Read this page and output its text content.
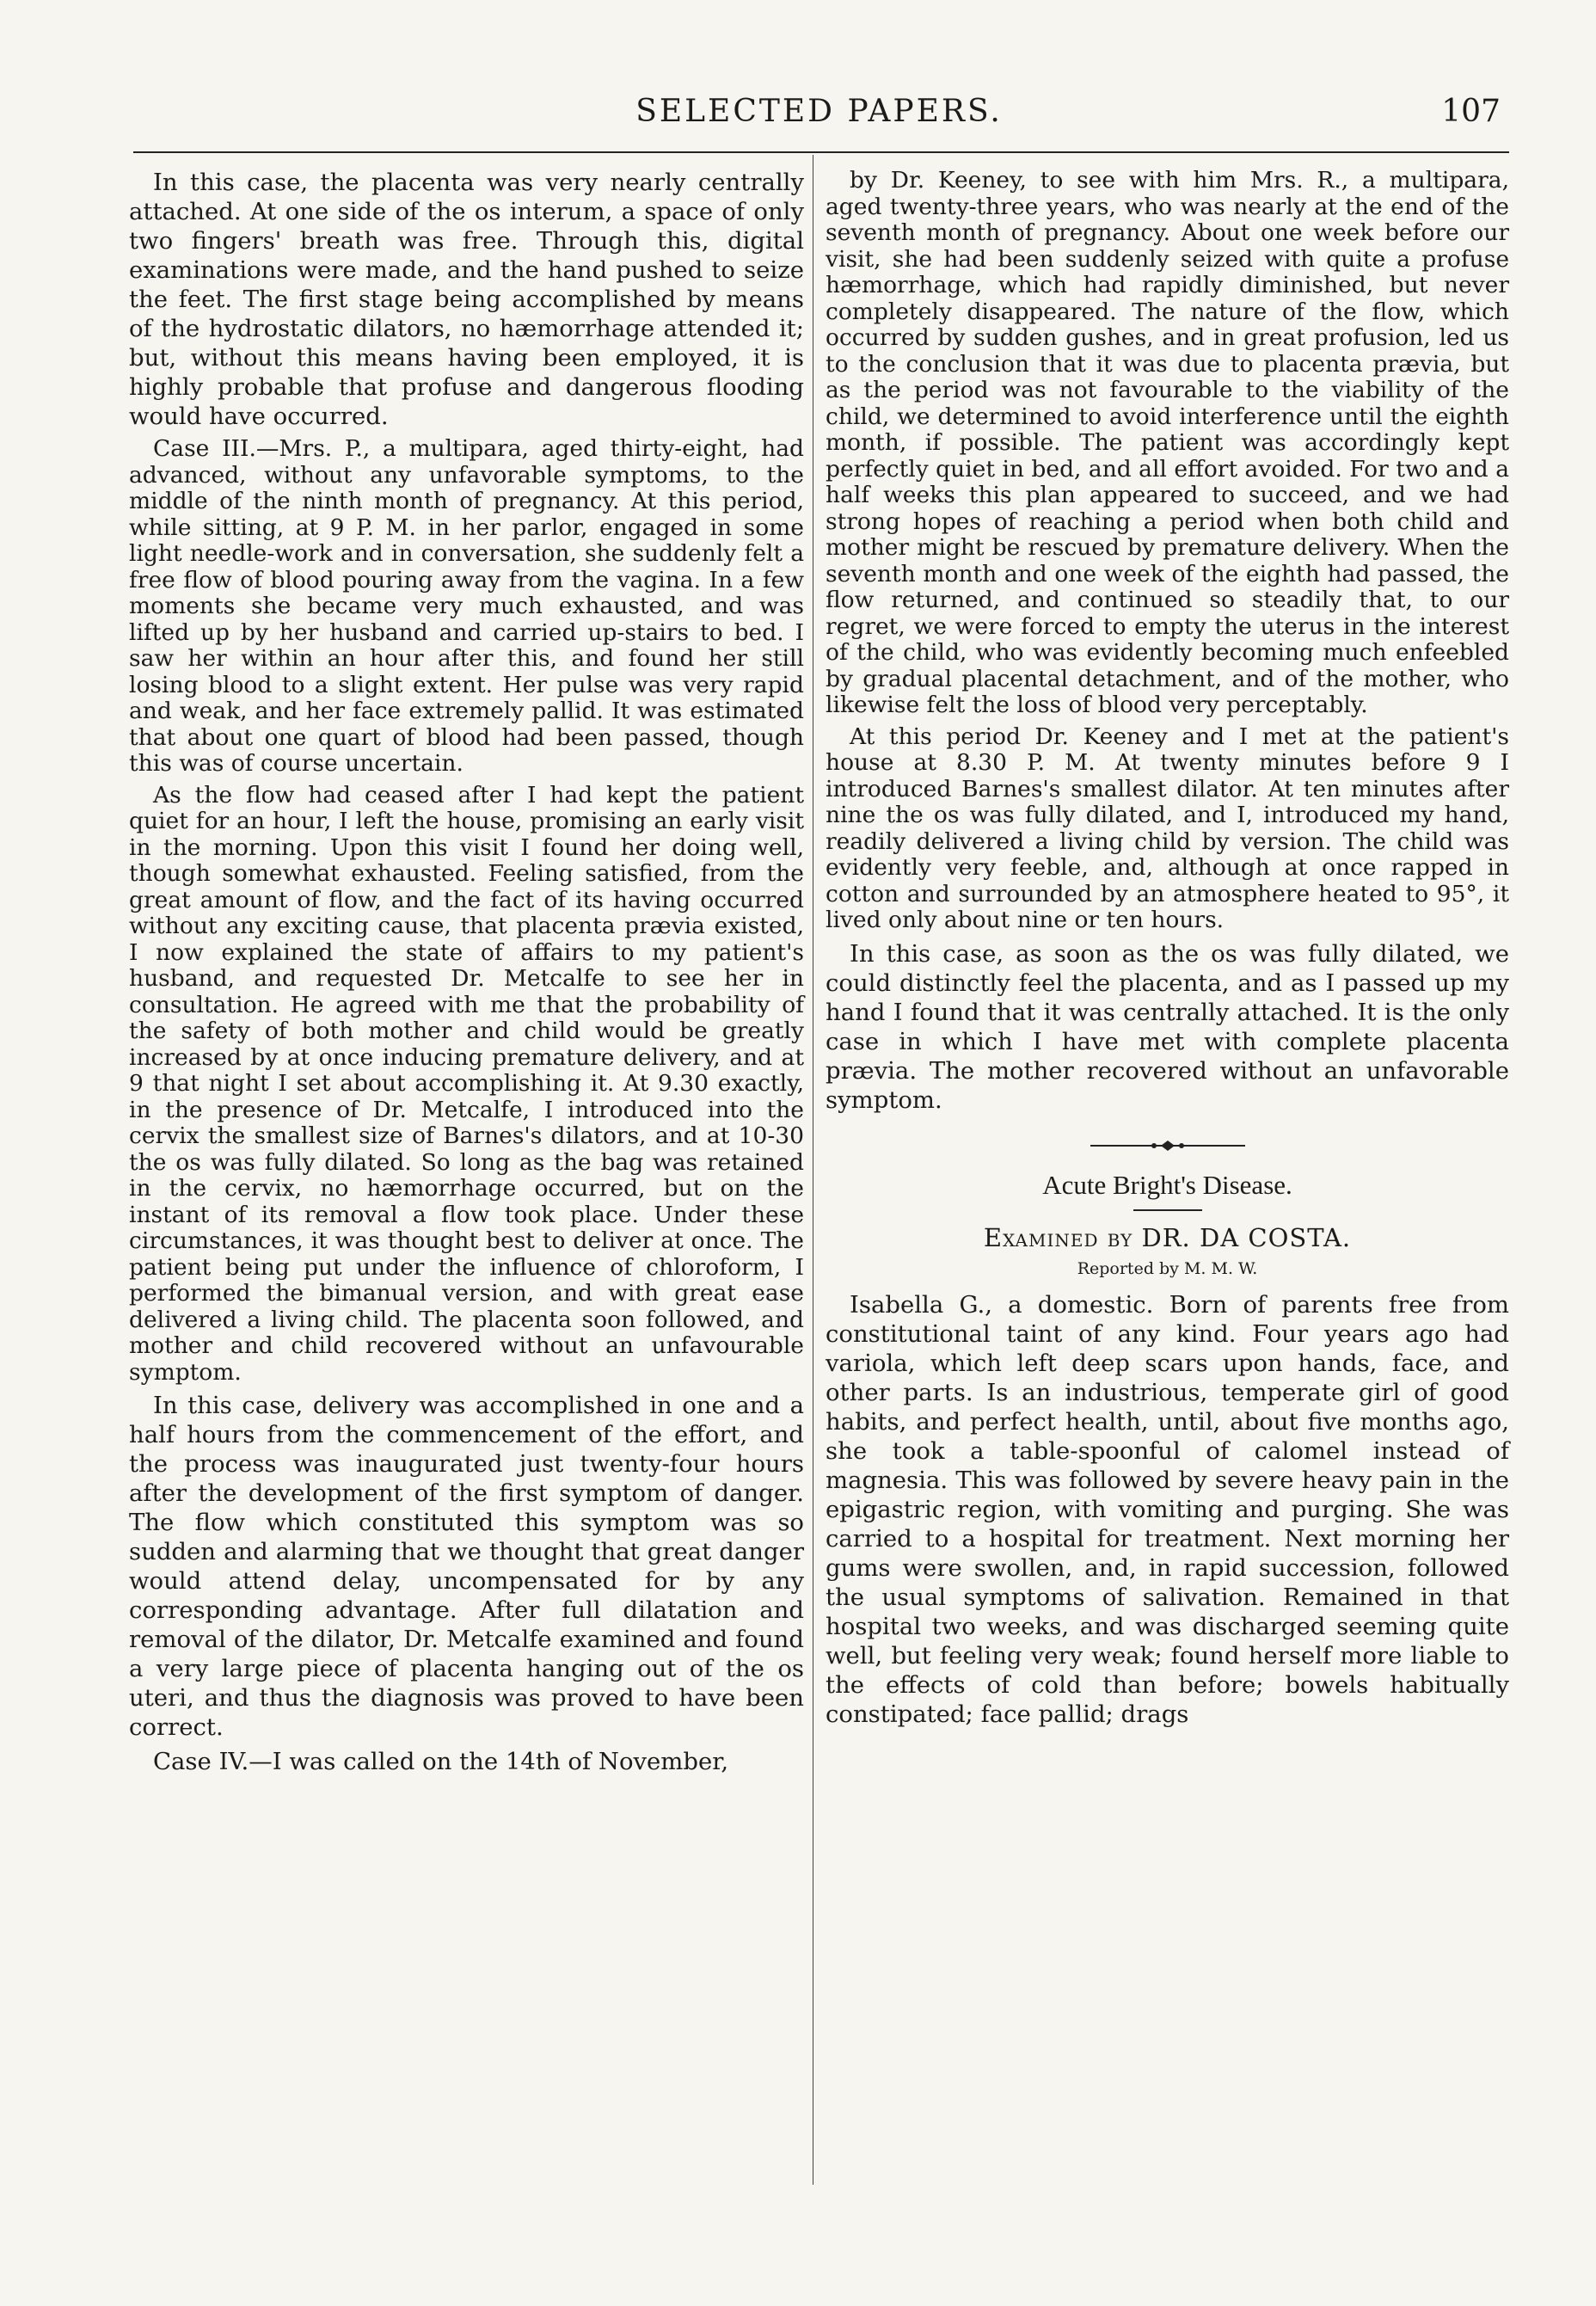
SELECTED PAPERS.	107

In this case, the placenta was very nearly centrally attached. At one side of the os interum, a space of only two fingers' breath was free. Through this, digital examinations were made, and the hand pushed to seize the feet. The first stage being accomplished by means of the hydrostatic dilators, no hæmorrhage attended it; but, without this means having been employed, it is highly probable that profuse and dangerous flooding would have occurred.

Case III.—Mrs. P., a multipara, aged thirty-eight, had advanced, without any unfavorable symptoms, to the middle of the ninth month of pregnancy. At this period, while sitting, at 9 P. M. in her parlor, engaged in some light needle-work and in conversation, she suddenly felt a free flow of blood pouring away from the vagina. In a few moments she became very much exhausted, and was lifted up by her husband and carried up-stairs to bed. I saw her within an hour after this, and found her still losing blood to a slight extent. Her pulse was very rapid and weak, and her face extremely pallid. It was estimated that about one quart of blood had been passed, though this was of course uncertain.

As the flow had ceased after I had kept the patient quiet for an hour, I left the house, promising an early visit in the morning. Upon this visit I found her doing well, though somewhat exhausted. Feeling satisfied, from the great amount of flow, and the fact of its having occurred without any exciting cause, that placenta prævia existed, I now explained the state of affairs to my patient's husband, and requested Dr. Metcalfe to see her in consultation. He agreed with me that the probability of the safety of both mother and child would be greatly increased by at once inducing premature delivery, and at 9 that night I set about accomplishing it. At 9.30 exactly, in the presence of Dr. Metcalfe, I introduced into the cervix the smallest size of Barnes's dilators, and at 10-30 the os was fully dilated. So long as the bag was retained in the cervix, no hæmorrhage occurred, but on the instant of its removal a flow took place. Under these circumstances, it was thought best to deliver at once. The patient being put under the influence of chloroform, I performed the bimanual version, and with great ease delivered a living child. The placenta soon followed, and mother and child recovered without an unfavourable symptom.

In this case, delivery was accomplished in one and a half hours from the commencement of the effort, and the process was inaugurated just twenty-four hours after the development of the first symptom of danger. The flow which constituted this symptom was so sudden and alarming that we thought that great danger would attend delay, uncompensated for by any corresponding advantage. After full dilatation and removal of the dilator, Dr. Metcalfe examined and found a very large piece of placenta hanging out of the os uteri, and thus the diagnosis was proved to have been correct.

Case IV.—I was called on the 14th of November,

by Dr. Keeney, to see with him Mrs. R., a multipara, aged twenty-three years, who was nearly at the end of the seventh month of pregnancy. About one week before our visit, she had been suddenly seized with quite a profuse hæmorrhage, which had rapidly diminished, but never completely disappeared. The nature of the flow, which occurred by sudden gushes, and in great profusion, led us to the conclusion that it was due to placenta prævia, but as the period was not favourable to the viability of the child, we determined to avoid interference until the eighth month, if possible. The patient was accordingly kept perfectly quiet in bed, and all effort avoided. For two and a half weeks this plan appeared to succeed, and we had strong hopes of reaching a period when both child and mother might be rescued by premature delivery. When the seventh month and one week of the eighth had passed, the flow returned, and continued so steadily that, to our regret, we were forced to empty the uterus in the interest of the child, who was evidently becoming much enfeebled by gradual placental detachment, and of the mother, who likewise felt the loss of blood very perceptably.

At this period Dr. Keeney and I met at the patient's house at 8.30 P. M. At twenty minutes before 9 I introduced Barnes's smallest dilator. At ten minutes after nine the os was fully dilated, and I, introduced my hand, readily delivered a living child by version. The child was evidently very feeble, and, although at once rapped in cotton and surrounded by an atmosphere heated to 95°, it lived only about nine or ten hours.

In this case, as soon as the os was fully dilated, we could distinctly feel the placenta, and as I passed up my hand I found that it was centrally attached. It is the only case in which I have met with complete placenta prævia. The mother recovered without an unfavorable symptom.

Acute Bright's Disease.
Examined by DR. DA COSTA.
Reported by M. M. W.

Isabella G., a domestic. Born of parents free from constitutional taint of any kind. Four years ago had variola, which left deep scars upon hands, face, and other parts. Is an industrious, temperate girl of good habits, and perfect health, until, about five months ago, she took a table-spoonful of calomel instead of magnesia. This was followed by severe heavy pain in the epigastric region, with vomiting and purging. She was carried to a hospital for treatment. Next morning her gums were swollen, and, in rapid succession, followed the usual symptoms of salivation. Remained in that hospital two weeks, and was discharged seeming quite well, but feeling very weak; found herself more liable to the effects of cold than before; bowels habitually constipated; face pallid; drags
